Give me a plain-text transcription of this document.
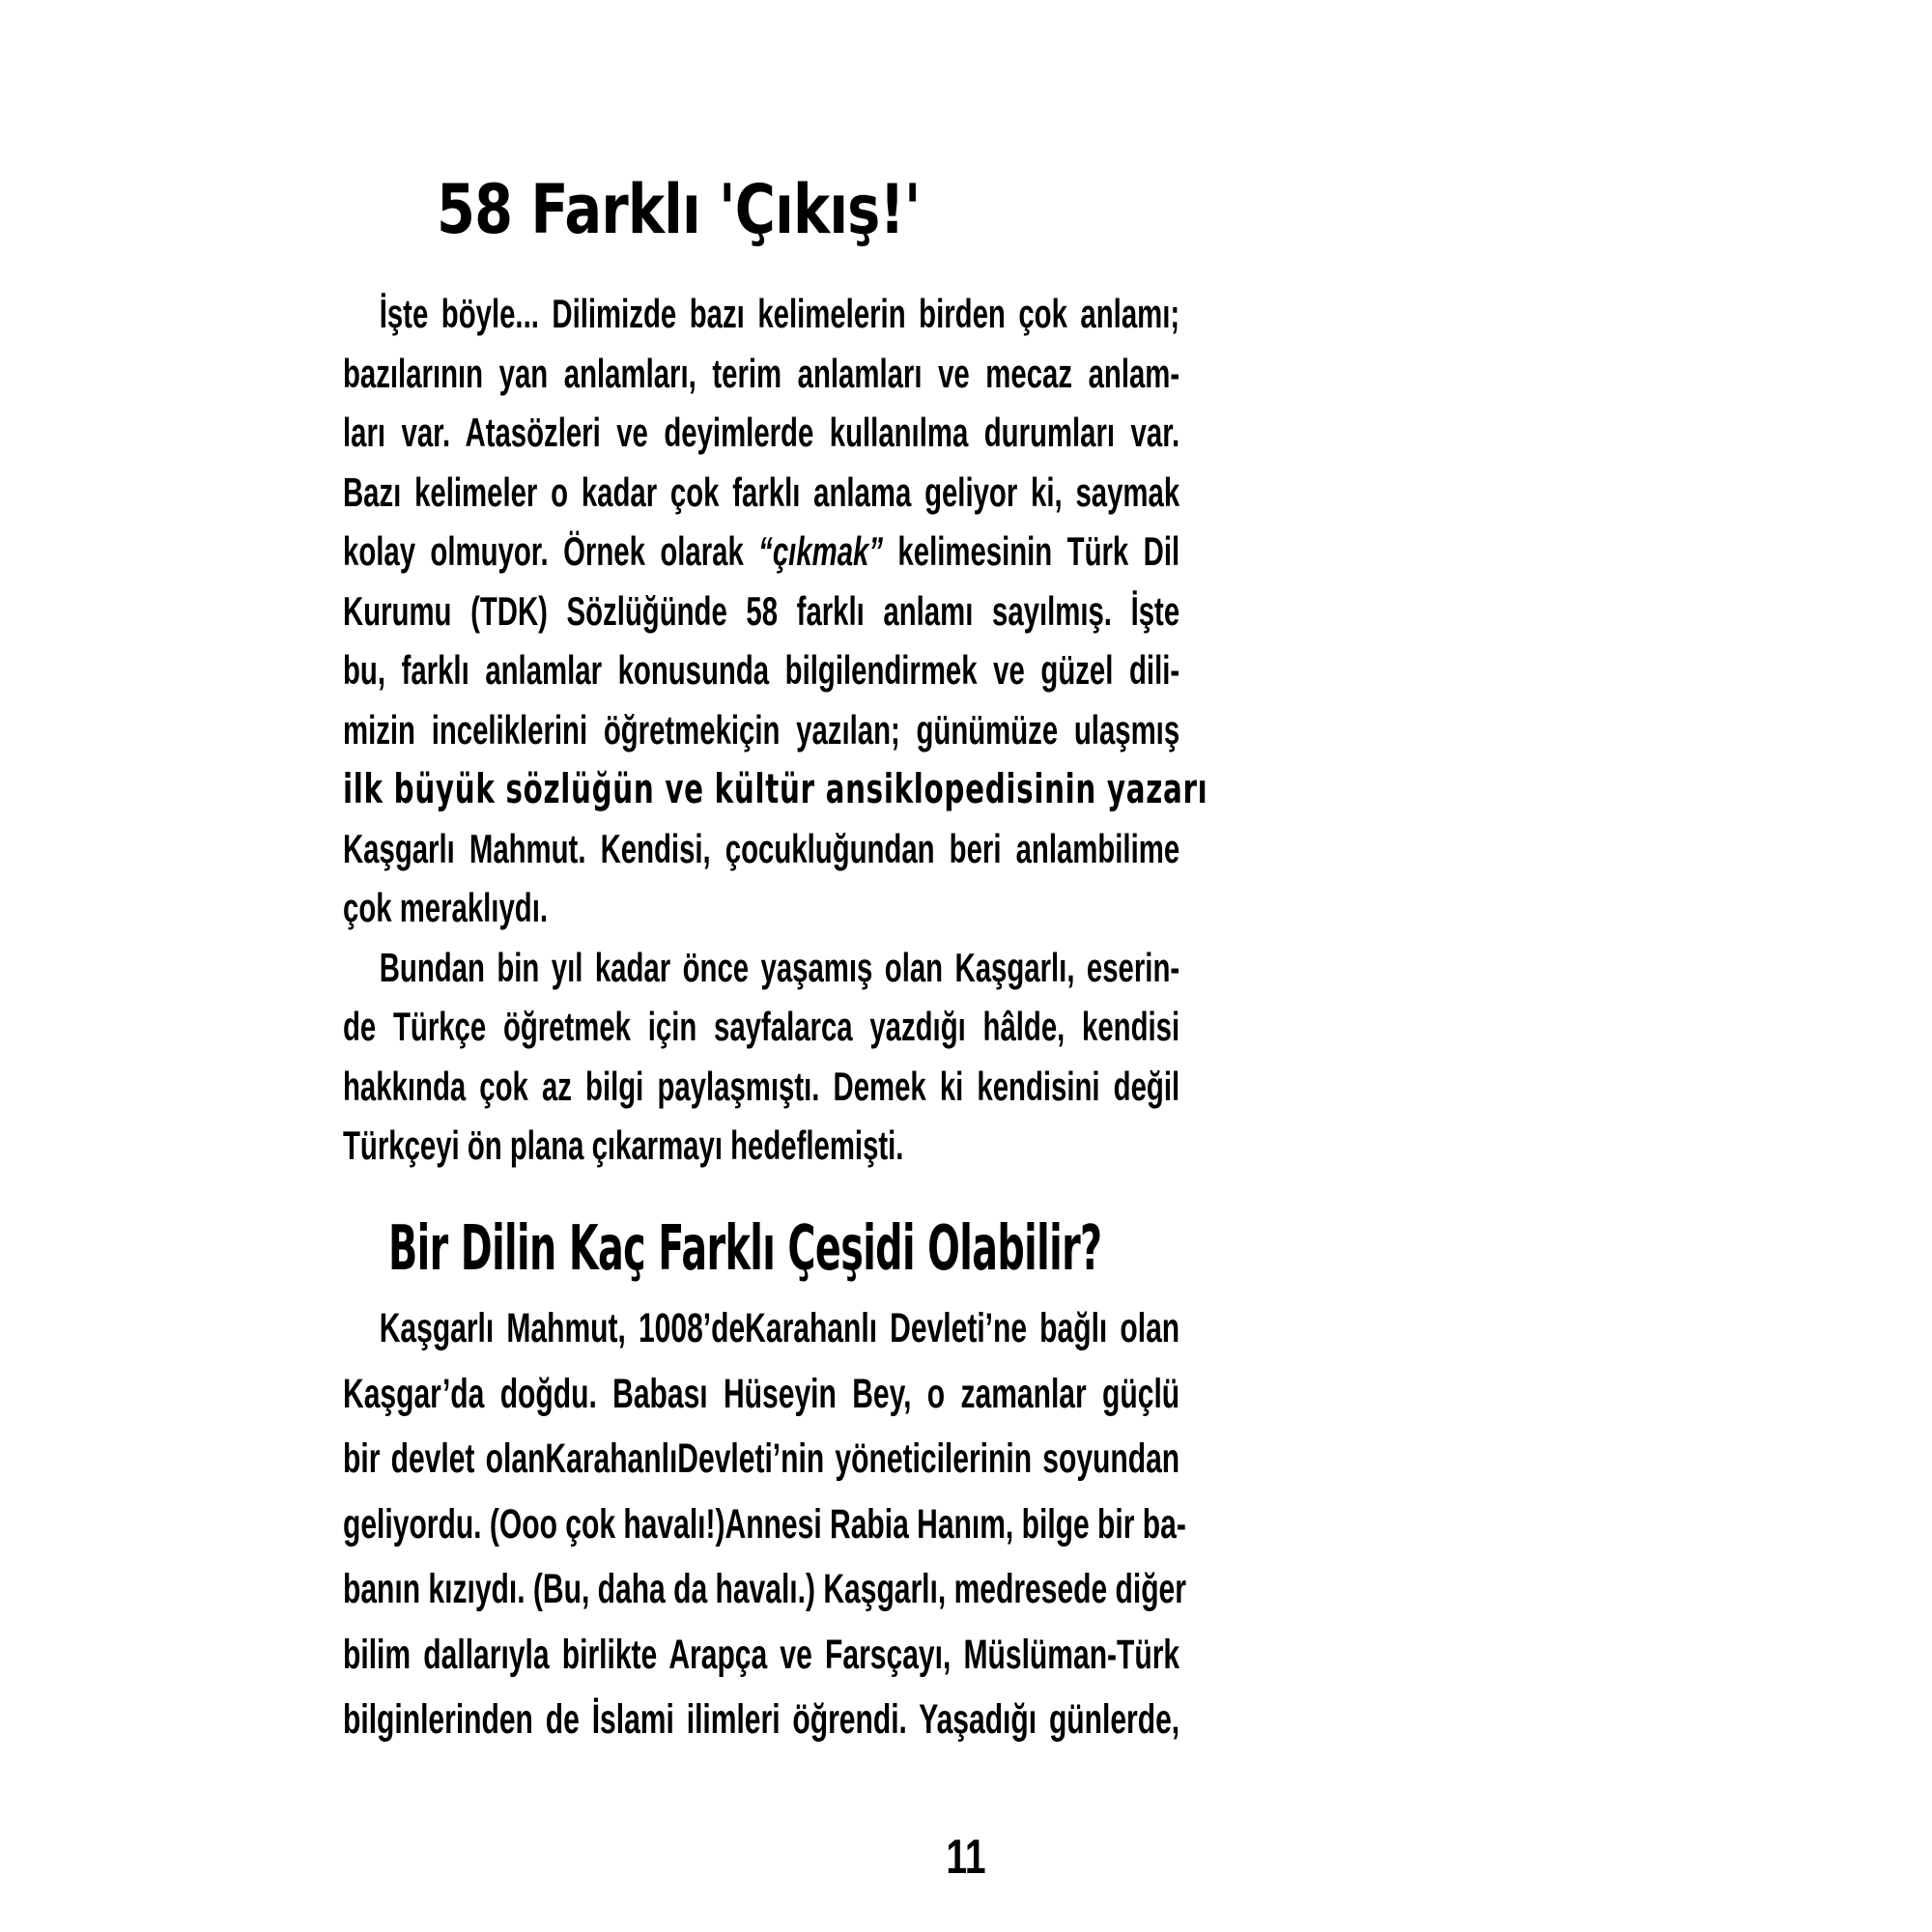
58 Farklı 'Çıkış!'
İşte böyle... Dilimizde bazı kelimelerin birden çok anlamı;
bazılarının yan anlamları, terim anlamları ve mecaz anlam-
ları var. Atasözleri ve deyimlerde kullanılma durumları var.
Bazı kelimeler o kadar çok farklı anlama geliyor ki, saymak
kolay olmuyor. Örnek olarak “çıkmak” kelimesinin Türk Dil
Kurumu (TDK) Sözlüğünde 58 farklı anlamı sayılmış. İşte
bu, farklı anlamlar konusunda bilgilendirmek ve güzel dili-
mizin inceliklerini öğretmekiçin yazılan; günümüze ulaşmış
ilk büyük sözlüğün ve kültür ansiklopedisinin yazarı
Kaşgarlı Mahmut. Kendisi, çocukluğundan beri anlambilime
çok meraklıydı.
Bundan bin yıl kadar önce yaşamış olan Kaşgarlı, eserin-
de Türkçe öğretmek için sayfalarca yazdığı hâlde, kendisi
hakkında çok az bilgi paylaşmıştı. Demek ki kendisini değil
Türkçeyi ön plana çıkarmayı hedeflemişti.
Bir Dilin Kaç Farklı Çeşidi Olabilir?
Kaşgarlı Mahmut, 1008’deKarahanlı Devleti’ne bağlı olan
Kaşgar’da doğdu. Babası Hüseyin Bey, o zamanlar güçlü
bir devlet olanKarahanlıDevleti’nin yöneticilerinin soyundan
geliyordu. (Ooo çok havalı!)Annesi Rabia Hanım, bilge bir ba-
banın kızıydı. (Bu, daha da havalı.) Kaşgarlı, medresede diğer
bilim dallarıyla birlikte Arapça ve Farsçayı, Müslüman-Türk
bilginlerinden de İslami ilimleri öğrendi. Yaşadığı günlerde,
11
